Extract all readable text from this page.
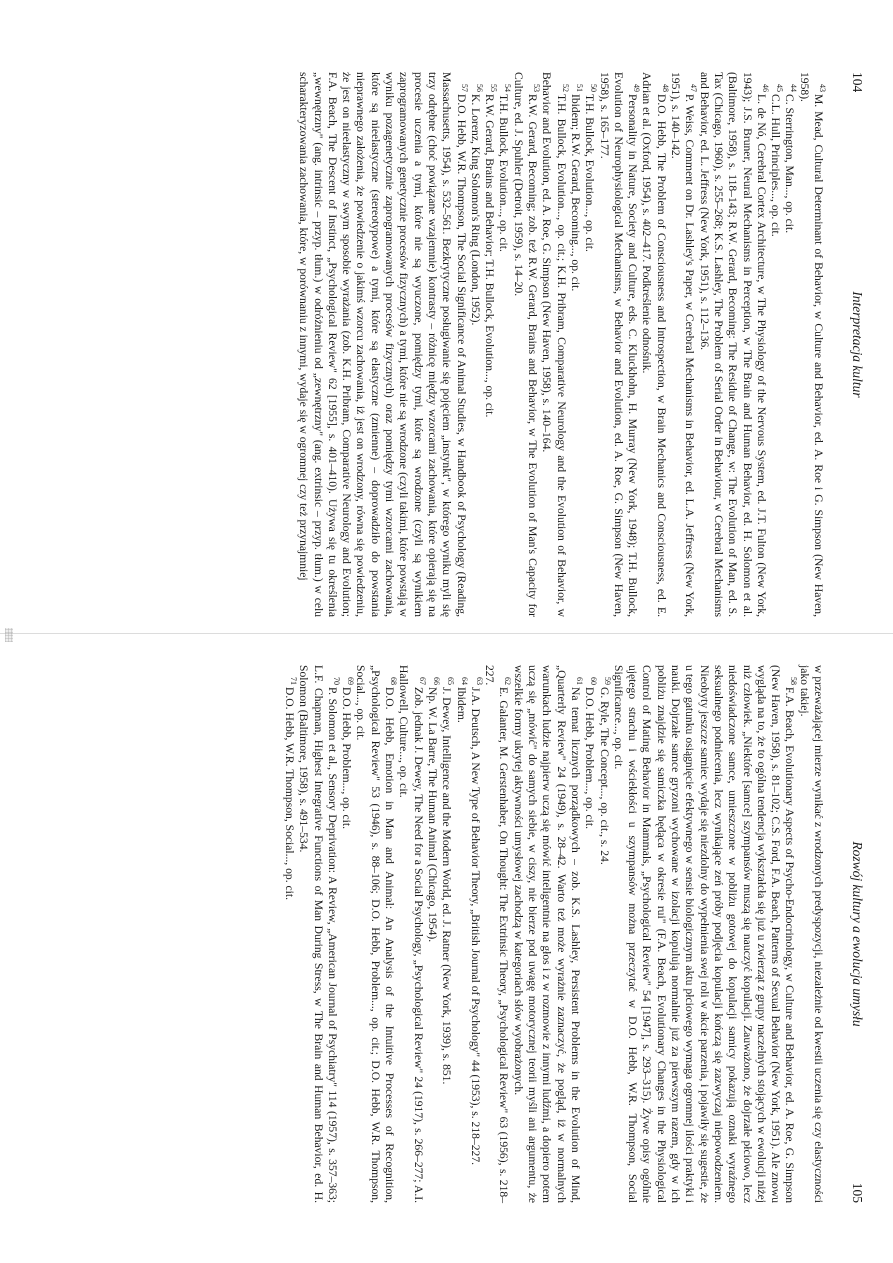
104
Interpretacja kultur

$^{43}$M. Mead, Cultural Determinant of Behavior, w Culture and Behavior, ed. A. Roe i G. Simpson (New Haven, 1958).

$^{44}$C. Sterrington, Man..., op. cit.

$^{45}$C.L. Hull, Principles..., op. cit.

$^{46}$L. de Nó, Cerebral Cortex Architecture, w The Physiology of the Nervous System, ed. J.T. Fulton (New York, 1943); J.S. Bruner, Neural Mechanisms in Perception, w The Brain and Human Behavior, ed. H. Solomon et al. (Baltimore, 1958), s. 118–143; R.W. Gerard, Becoming: The Residue of Change, w: The Evolution of Man, ed. S. Tax (Chicago, 1960), s. 255–268; K.S. Lashley, The Problem of Serial Order in Behaviour, w Cerebral Mechanisms and Behavior, ed. L. Jeffress (New York, 1951), s. 112–136.

$^{47}$P. Weiss, Comment on Dr. Lashley's Paper, w Cerebral Mechanisms in Behavior, ed. L.A. Jeffress (New York, 1951), s. 140–142.

$^{48}$D.O. Hebb, The Problem of Consciousness and Introspection, w Brain Mechanics and Consciousness, ed. E. Adrian et al. (Oxford, 1954), s. 402–417. Podkreślenie odnośnik.

$^{49}$Personality in Nature, Society and Culture, eds. C. Kluckhohn, H. Murray (New York, 1948); T.H. Bullock, Evolution of Neurophysiological Mechanisms, w Behavior and Evolution, ed. A. Roe, G. Simpson (New Haven, 1958), s. 165–177.

$^{50}$T.H. Bullock, Evolution..., op. cit.

$^{51}$Ibidem; R.W. Gerard, Becoming..., op. cit.

$^{52}$T.H. Bullock, Evolution..., op. cit.; K.H. Pribram, Comparative Neurology and the Evolution of Behavior, w Behavior and Evolution, ed. A. Roe, G. Simpson (New Haven, 1958), s. 140–164.

$^{53}$R.W. Gerard, Becoming; zob. też R.W. Gerard, Brains and Behavior, w The Evolution of Man's Capacity for Culture, ed. J. Spuhler (Detroit, 1959), s. 14–20.

$^{54}$T.H. Bullock, Evolution..., op. cit.

$^{55}$R.W. Gerard, Brains and Behavior; T.H. Bullock, Evolution..., op. cit.

$^{56}$K. Lorenz, King Solomon's Ring (London, 1952).

$^{57}$D.O. Hebb, W.R. Thompson, The Social Significance of Animal Studies, w Handbook of Psychology (Reading, Massachusetts, 1954), s. 532–561. Bezkrytyczne posługiwanie się pojęciem „instynkt", w którego wyniku myli się trzy odrębne (choć powiązane wzajemnie) kontrasty – różnicę między wzorcami zachowania, które opierają się na procesie uczenia a tymi, które nie są wyuczone, pomiędzy tymi, które są wrodzone (czyli są wynikiem zaprogramowanych genetycznie procesów fizycznych) a tymi, które nie są wrodzone (czyli takimi, które powstają w wyniku pozagenetycznie zaprogramowanych procesów fizycznych) oraz pomiędzy tymi wzorcami zachowania, które są nieelastyczne (stereotypowe) a tymi, które są elastyczne (zmienne) – doprowadziło do powstania nieprawnego założenia, że powiedzenie o jakimś wzorcu zachowania, iż jest on wrodzony, równa się powiedzeniu, że jest on nieelastyczny w swym sposobie wyrażania (zob. K.H. Pribram, Comparative Neurology and Evolution; F.A. Beach, The Descent of Instinct, „Psychological Review" 62 [1955], s. 401–410). Używa się tu określenia „wewnętrzny" (ang. intrinsic – przyp. tłum.) w odróżnieniu od „zewnętrzny" (ang. extrinsic – przyp. tłum.) w celu scharakteryzowania zachowania, które, w porównaniu z innymi, wydaje się w ogromnej czy też przynajmniej

Rozwój kultury a ewolucja umysłu
105

w przeważającej mierze wynikać z wrodzonych predyspozycji, niezależnie od kwestii uczenia się czy elastyczności jako takiej.

$^{58}$F.A. Beach, Evolutionary Aspects of Psycho-Endocrinology, w Culture and Behavior, ed. A. Roe, G. Simpson (New Haven, 1958), s. 81–102; C.S. Ford, F.A. Beach, Patterns of Sexual Behavior (New York, 1951). Ale znowu wygląda na to, że to ogólna tendencja wykształcła się już u zwierząt z grupy naczelnych stojących w ewolucji niżej niż człowiek. „Niektóre [samce] szympansów muszą się nauczyć kopulacji. Zauważono, że dojrzałe płciowo, lecz niedoświadczone samce, umieszczone w pobliżu gotowej do kopulacji samicy pokazują oznaki wyraźnego seksualnego podniecenia, lecz wynikające zeń próby podjęcia kopulacji kończą się zazwyczaj niepowodzeniem. Nieobyty jeszcze samiec wydaje się niezdolny do wypełnienia swej roli w akcie parzenia, i pojawiły się sugestie, że u tego gatunku osiągnięcie efektywnego w sensie biologicznym aktu płciowego wymaga ogromnej ilości praktyki i nauki. Dojrzałe samce gryzoni wychowane w izolacji kopulują normalnie już za pierwszym razem, gdy w ich pobliżu znajdzie się samiczka będąca w okresie rui" (F.A. Beach, Evolutionary Changes in the Physiological Control of Mating Behavior in Mammals, „Psychological Review" 54 [1947], s. 293–315). Żywe opisy ogólnie ujętego strachu i wściekłości u szympansów można przeczytać w D.O. Hebb, W.R. Thompson, Social Significance..., op. cit.

$^{59}$G. Ryle, The Concept..., op. cit., s. 24.

$^{60}$D.O. Hebb, Problem..., op. cit.

$^{61}$Na temat licznych porządkowych – zob. K.S. Lashley, Persistent Problems in the Evolution of Mind, „Quarterly Review" 24 (1949), s. 28–42. Warto też może wyrażnie zaznaczyć, że pogląd, iż w normalnych warunkach ludzie najpierw uczą się mówić inteligentnie na głos i z w rozmowie z innymi ludźmi, a dopiero potem uczą się „mówić" do samych siebie, w ciszy, nie bierze pod uwagę motorycznej teorii myśli ani argumentu, że wszelkie formy ukrytej aktywności umysłowej zachodzą w kategoriach słów wyobrażonych.

$^{62}$E. Galanter, M. Gerstenhaber, On Thought: The Extrinsic Theory, „Psychological Review" 63 (1956), s. 218–227.

$^{63}$J.A. Deutsch, A New Type of Behavior Theory, „British Journal of Psychology" 44 (1953), s. 218–227.

$^{64}$Ibidem.

$^{65}$J. Dewey, Intelligence and the Modern World, ed. J. Ratner (New York, 1939), s. 851.

$^{66}$Np. W. La Barre, The Human Animal (Chicago, 1954).

$^{67}$Zob. jednak J. Dewey, The Need for a Social Psychology, „Psychological Review" 24 (1917), s. 266–277; A.I. Hallowell, Culture..., op. cit.

$^{68}$D.O. Hebb, Emotion in Man and Animal: An Analysis of the Intuitive Processes of Recognition, „Psychological Review" 53 (1946), s. 88–106; D.O. Hebb, Problem..., op. cit.; D.O. Hebb, W.R. Thompson, Social..., op. cit.

$^{69}$D.O. Hebb, Problem..., op. cit.

$^{70}$P. Solomon et al., Sensory Deprivation: A Review, „American Journal of Psychiatry" 114 (1957), s. 357–363; L.F. Chapman, Highest Integrative Functions of Man During Stress, w The Brain and Human Behavior, ed. H. Solomon (Baltimore, 1958), s. 491–534.

$^{71}$D.O. Hebb, W.R. Thompson, Social..., op. cit.
